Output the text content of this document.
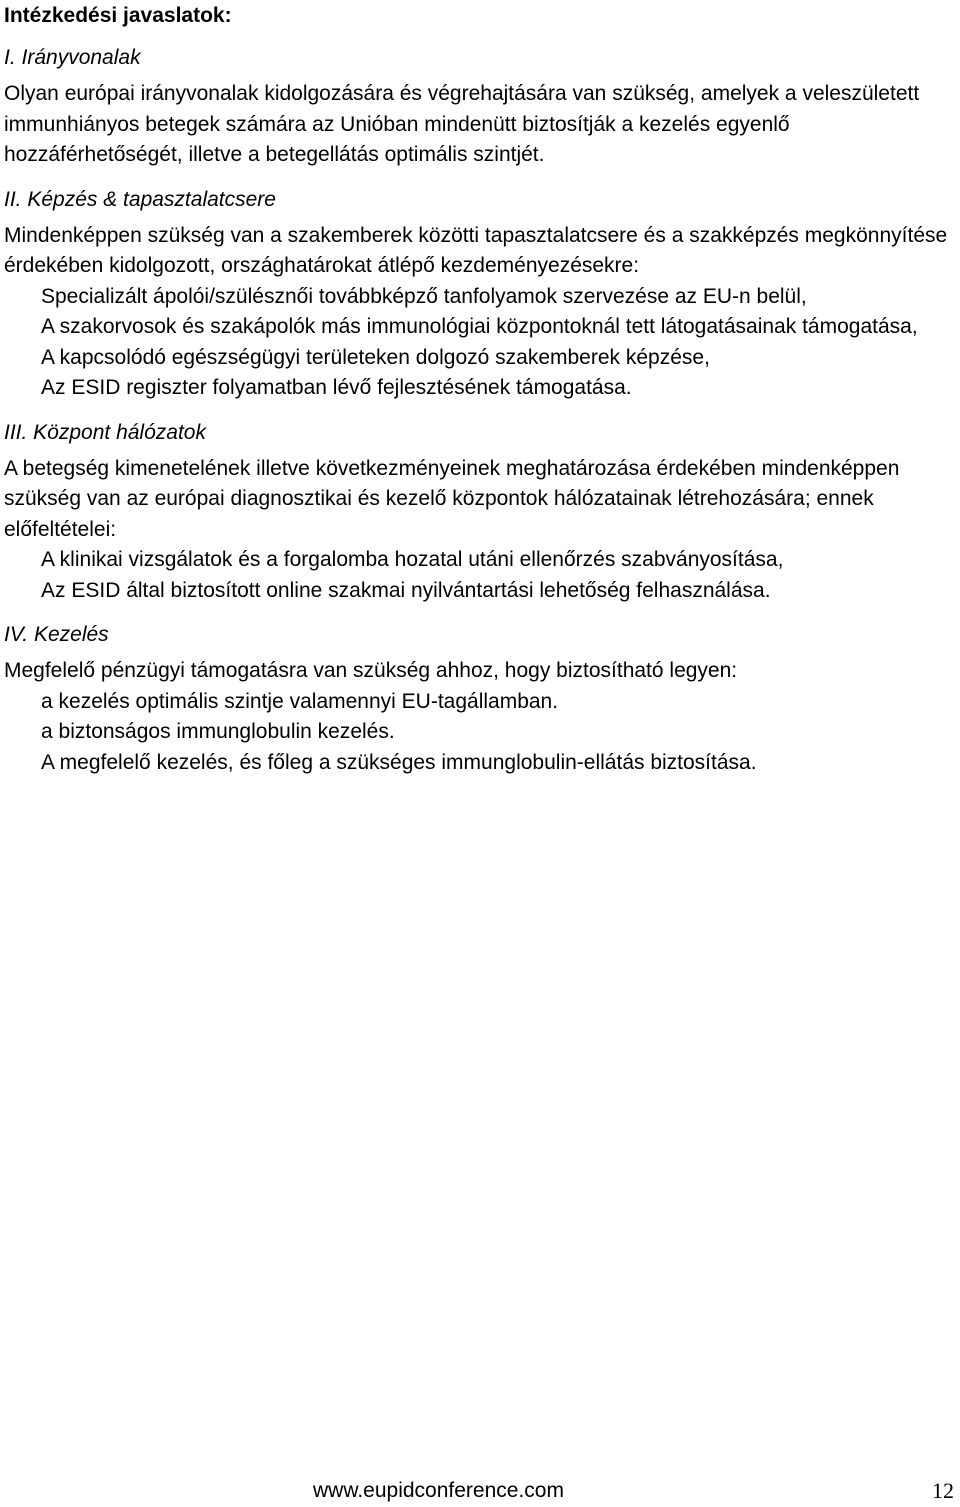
Intézkedési javaslatok:
I. Irányvonalak

Olyan európai irányvonalak kidolgozására és végrehajtására van szükség, amelyek a veleszületett immunhiányos betegek számára az Unióban mindenütt biztosítják a kezelés egyenlő hozzáférhetőségét, illetve a betegellátás optimális szintjét.

II. Képzés & tapasztalatcsere

Mindenképpen szükség van a szakemberek közötti tapasztalatcsere és a szakképzés megkönnyítése érdekében kidolgozott, országhatárokat átlépő kezdeményezésekre:

Specializált ápolói/szülésznői továbbképző tanfolyamok szervezése az EU-n belül,
A szakorvosok és szakápolók más immunológiai központoknál tett látogatásainak támogatása,
A kapcsolódó egészségügyi területeken dolgozó szakemberek képzése,
Az ESID regiszter folyamatban lévő fejlesztésének támogatása.
III. Központ hálózatok

A betegség kimenetelének illetve következményeinek meghatározása érdekében mindenképpen szükség van az európai diagnosztikai és kezelő központok hálózatainak létrehozására; ennek előfeltételei:

A klinikai vizsgálatok és a forgalomba hozatal utáni ellenőrzés szabványosítása,
Az ESID által biztosított online szakmai nyilvántartási lehetőség felhasználása.
IV. Kezelés

Megfelelő pénzügyi támogatásra van szükség ahhoz, hogy biztosítható legyen:

a kezelés optimális szintje valamennyi EU-tagállamban.
a biztonságos immunglobulin kezelés.
A megfelelő kezelés, és főleg a szükséges immunglobulin-ellátás biztosítása.
www.eupidconference.com	12
